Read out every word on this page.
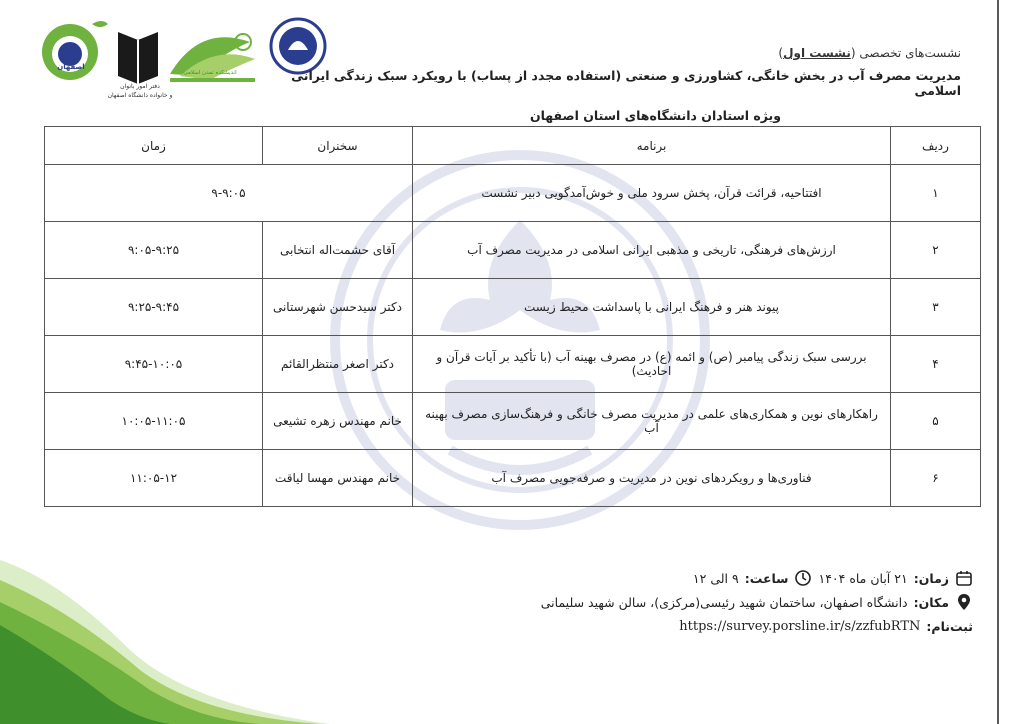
دفتر امور بانوان
و خانواده دانشگاه اصفهان
اندیشکده تمدن اسلامی
اصفهان
نشست‌های تخصصی (نشست اول)
مدیریت مصرف آب در بخش خانگی، کشاورزی و صنعتی (استفاده مجدد از پساب) با رویکرد سبک زندگی ایرانی اسلامی
ویژه استادان دانشگاه‌های استان اصفهان
ردیف	برنامه	سخنران	زمان
۱	افتتاحیه، قرائت قرآن، پخش سرود ملی و خوش‌آمدگویی دبیر نشست	۹-۹:۰۵	
۲	ارزش‌های فرهنگی، تاریخی و مذهبی ایرانی اسلامی در مدیریت مصرف آب	آقای حشمت‌اله انتخابی	۹:۰۵-۹:۲۵
۳	پیوند هنر و فرهنگ ایرانی با پاسداشت محیط زیست	دکتر سیدحسن شهرستانی	۹:۲۵-۹:۴۵
۴	بررسی سبک زندگی پیامبر (ص) و ائمه (ع) در مصرف بهینه آب (با تأکید بر آیات قرآن و احادیث)	دکتر اصغر منتظرالقائم	۹:۴۵-۱۰:۰۵
۵	راهکارهای نوین و همکاری‌های علمی در مدیریت مصرف خانگی و فرهنگ‌سازی مصرف بهینه آب	خانم مهندس زهره تشیعی	۱۰:۰۵-۱۱:۰۵
۶	فناوری‌ها و رویکردهای نوین در مدیریت و صرفه‌جویی مصرف آب	خانم مهندس مهسا لیاقت	۱۱:۰۵-۱۲
زمان:
۲۱ آبان ماه ۱۴۰۴
ساعت:
۹ الی ۱۲
مکان:
دانشگاه اصفهان، ساختمان شهید رئیسی(مرکزی)، سالن شهید سلیمانی
ثبت‌نام:
https://survey.porsline.ir/s/zzfubRTN
